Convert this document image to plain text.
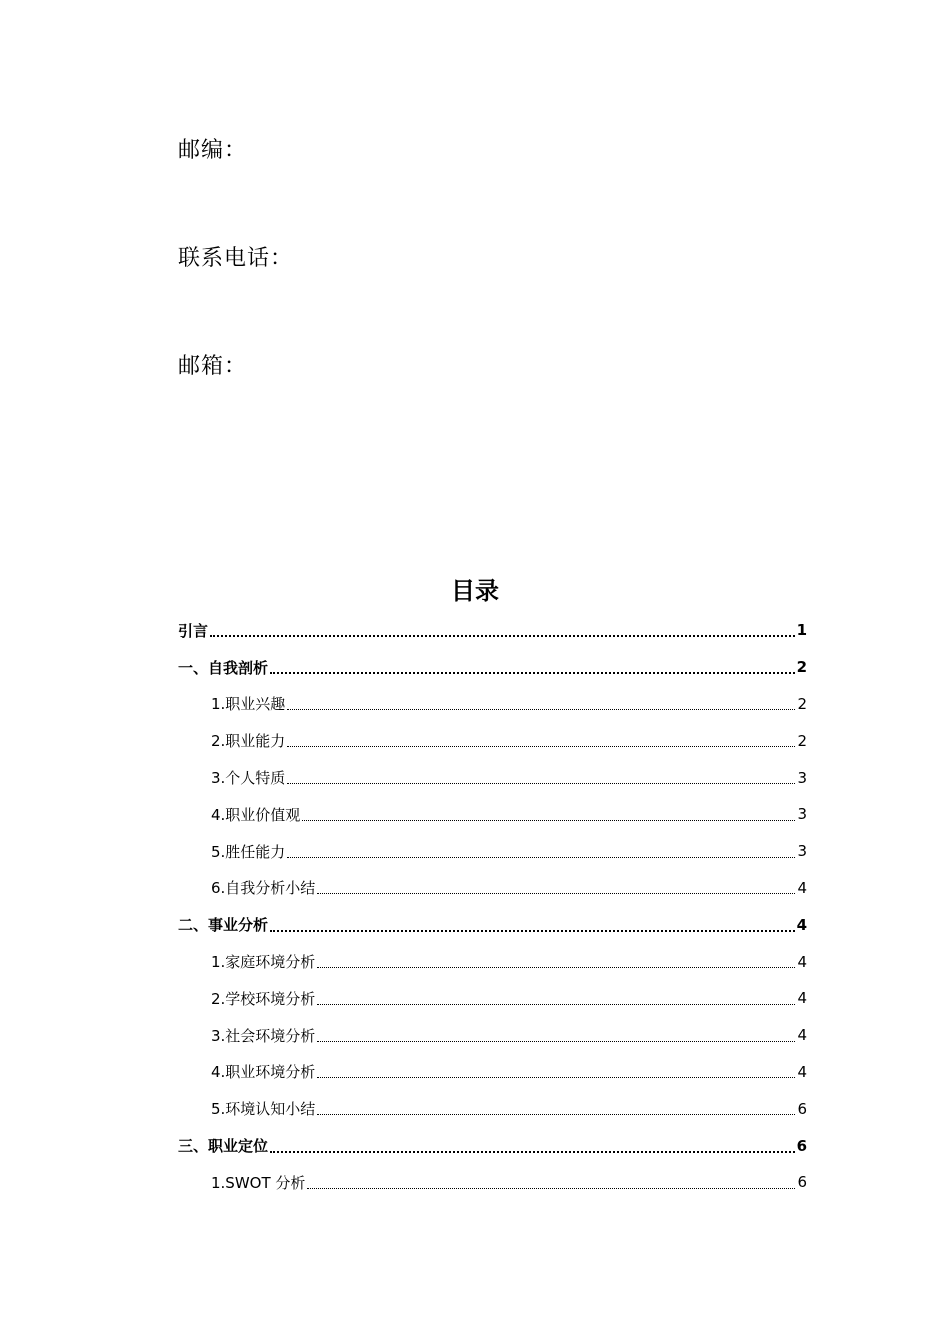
邮编：
联系电话：
邮箱：
目录
引言	1
一、自我剖析	2
1.职业兴趣	2
2.职业能力	2
3.个人特质	3
4.职业价值观	3
5.胜任能力	3
6.自我分析小结	4
二、事业分析	4
1.家庭环境分析	4
2.学校环境分析	4
3.社会环境分析	4
4.职业环境分析	4
5.环境认知小结	6
三、职业定位	6
1.SWOT 分析	6
